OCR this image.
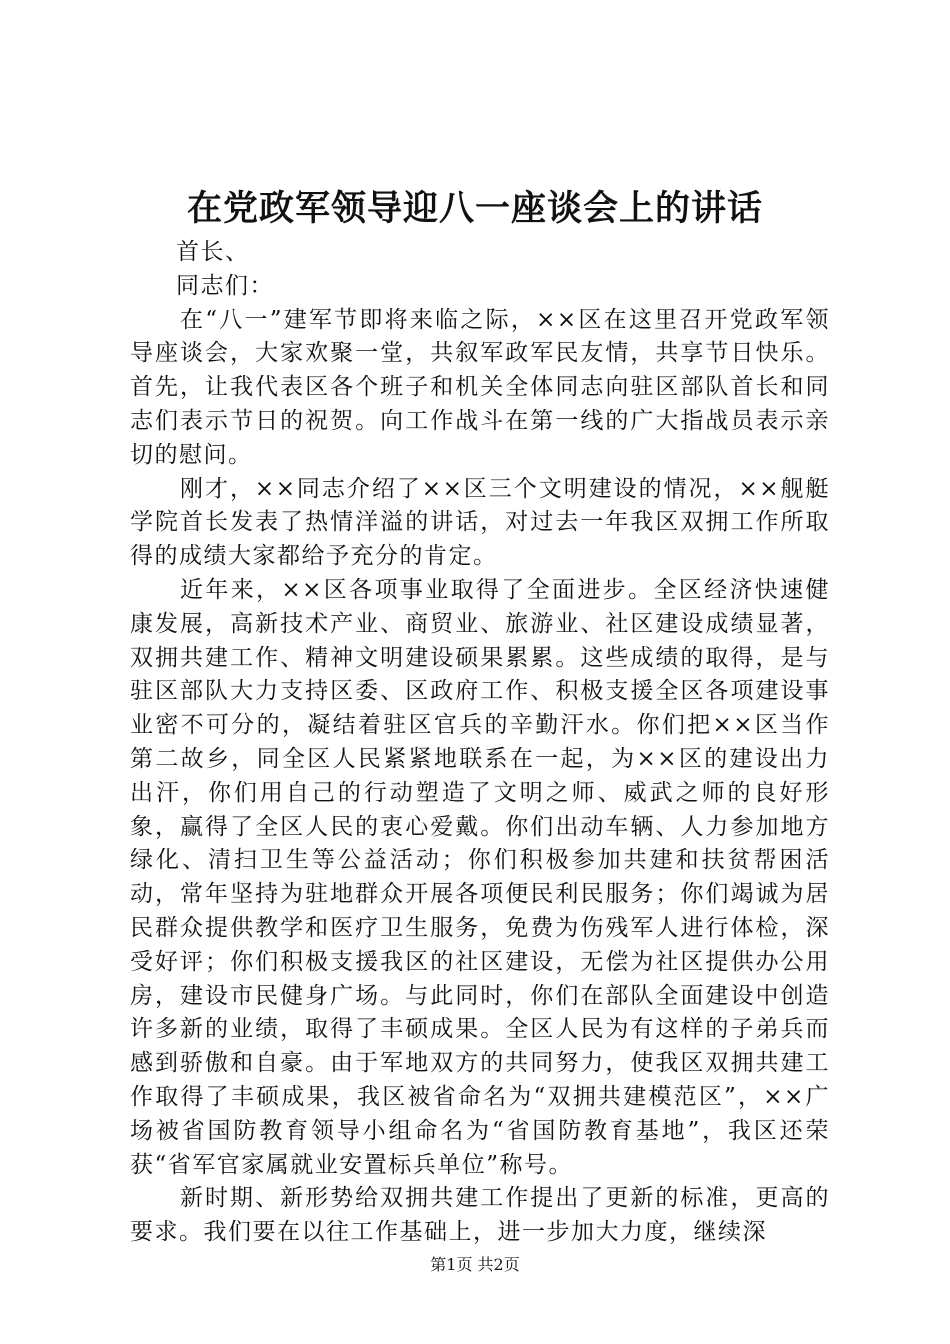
在党政军领导迎八一座谈会上的讲话

首长、

同志们：

在“八一”建军节即将来临之际，××区在这里召开党政军领导座谈会，大家欢聚一堂，共叙军政军民友情，共享节日快乐。首先，让我代表区各个班子和机关全体同志向驻区部队首长和同志们表示节日的祝贺。向工作战斗在第一线的广大指战员表示亲切的慰问。

刚才，××同志介绍了××区三个文明建设的情况，××舰艇学院首长发表了热情洋溢的讲话，对过去一年我区双拥工作所取得的成绩大家都给予充分的肯定。

近年来，××区各项事业取得了全面进步。全区经济快速健康发展，高新技术产业、商贸业、旅游业、社区建设成绩显著，双拥共建工作、精神文明建设硕果累累。这些成绩的取得，是与驻区部队大力支持区委、区政府工作、积极支援全区各项建设事业密不可分的，凝结着驻区官兵的辛勤汗水。你们把××区当作第二故乡，同全区人民紧紧地联系在一起，为××区的建设出力出汗，你们用自己的行动塑造了文明之师、威武之师的良好形象，赢得了全区人民的衷心爱戴。你们出动车辆、人力参加地方绿化、清扫卫生等公益活动；你们积极参加共建和扶贫帮困活动，常年坚持为驻地群众开展各项便民利民服务；你们竭诚为居民群众提供教学和医疗卫生服务，免费为伤残军人进行体检，深受好评；你们积极支援我区的社区建设，无偿为社区提供办公用房，建设市民健身广场。与此同时，你们在部队全面建设中创造许多新的业绩，取得了丰硕成果。全区人民为有这样的子弟兵而感到骄傲和自豪。由于军地双方的共同努力，使我区双拥共建工作取得了丰硕成果，我区被省命名为“双拥共建模范区”，××广场被省国防教育领导小组命名为“省国防教育基地”，我区还荣获“省军官家属就业安置标兵单位”称号。

新时期、新形势给双拥共建工作提出了更新的标准，更高的要求。我们要在以往工作基础上，进一步加大力度，继续深

第1页 共2页
